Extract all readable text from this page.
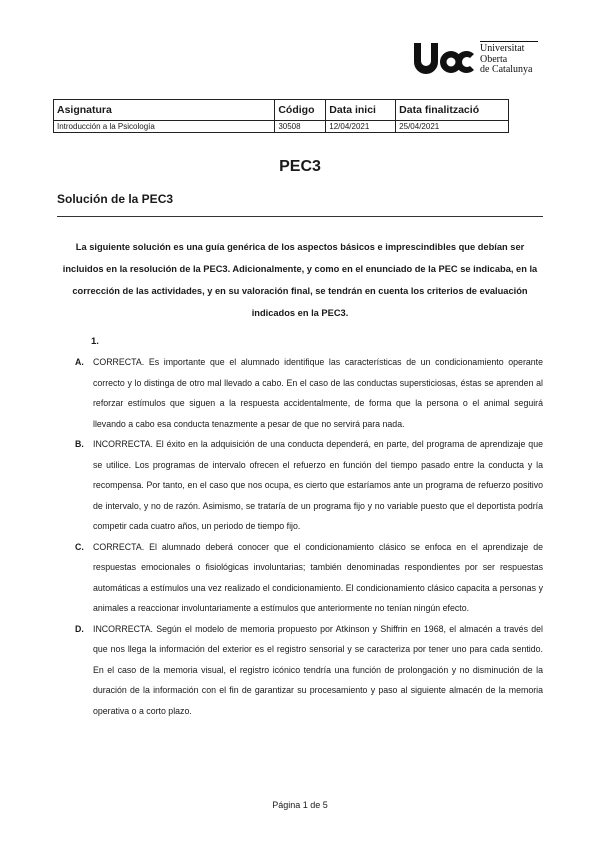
Universitat
Oberta
de Catalunya
Asignatura	Código	Data inici	Data finalització
Introducción a la Psicología	30508	12/04/2021	25/04/2021
PEC3
Solución de la PEC3
La siguiente solución es una guía genérica de los aspectos básicos e imprescindibles que debían ser incluidos en la resolución de la PEC3. Adicionalmente, y como en el enunciado de la PEC se indicaba, en la corrección de las actividades, y en su valoración final, se tendrán en cuenta los criterios de evaluación indicados en la PEC3.
1.
A. CORRECTA. Es importante que el alumnado identifique las características de un condicionamiento operante correcto y lo distinga de otro mal llevado a cabo. En el caso de las conductas supersticiosas, éstas se aprenden al reforzar estímulos que siguen a la respuesta accidentalmente, de forma que la persona o el animal seguirá llevando a cabo esa conducta tenazmente a pesar de que no servirá para nada.
B. INCORRECTA. El éxito en la adquisición de una conducta dependerá, en parte, del programa de aprendizaje que se utilice. Los programas de intervalo ofrecen el refuerzo en función del tiempo pasado entre la conducta y la recompensa. Por tanto, en el caso que nos ocupa, es cierto que estaríamos ante un programa de refuerzo positivo de intervalo, y no de razón. Asimismo, se trataría de un programa fijo y no variable puesto que el deportista podría competir cada cuatro años, un periodo de tiempo fijo.
C. CORRECTA. El alumnado deberá conocer que el condicionamiento clásico se enfoca en el aprendizaje de respuestas emocionales o fisiológicas involuntarias; también denominadas respondientes por ser respuestas automáticas a estímulos una vez realizado el condicionamiento. El condicionamiento clásico capacita a personas y animales a reaccionar involuntariamente a estímulos que anteriormente no tenían ningún efecto.
D. INCORRECTA. Según el modelo de memoria propuesto por Atkinson y Shiffrin en 1968, el almacén a través del que nos llega la información del exterior es el registro sensorial y se caracteriza por tener uno para cada sentido. En el caso de la memoria visual, el registro icónico tendría una función de prolongación y no disminución de la duración de la información con el fin de garantizar su procesamiento y paso al siguiente almacén de la memoria operativa o a corto plazo.
Página 1 de 5
